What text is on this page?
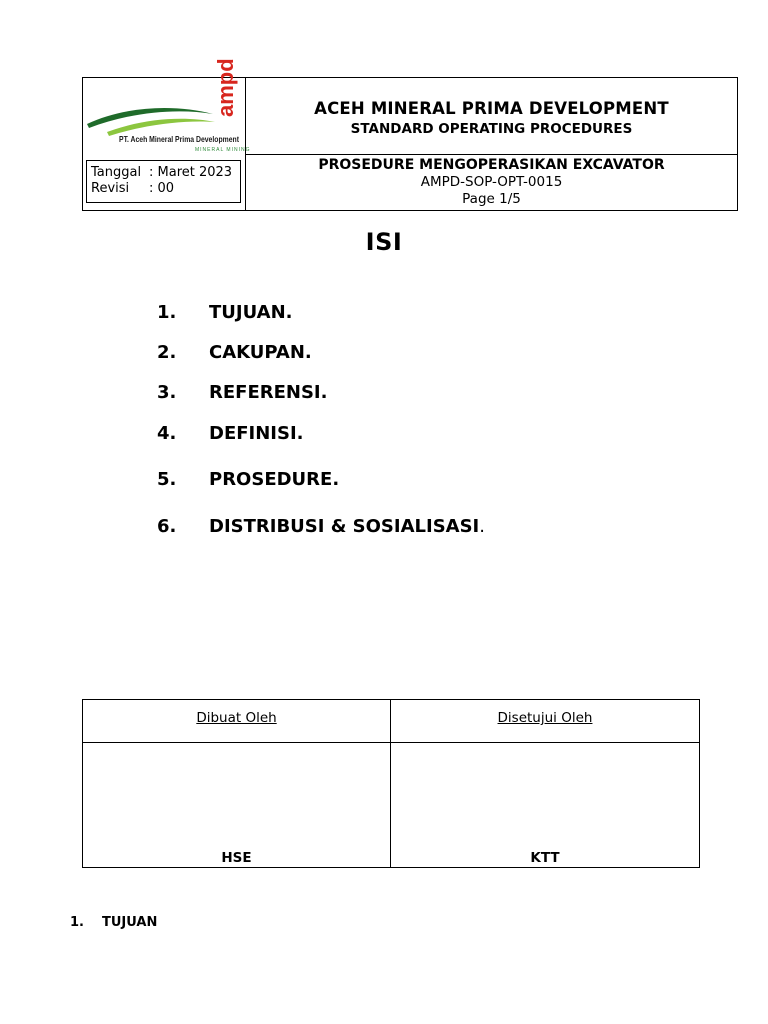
ampd
PT. Aceh Mineral Prima Development
MINERAL MINING
Tanggal : Maret 2023
Revisi : 00
ACEH MINERAL PRIMA DEVELOPMENT
STANDARD OPERATING PROCEDURES
PROSEDURE MENGOPERASIKAN EXCAVATOR
AMPD-SOP-OPT-0015
Page 1/5
ISI
1. TUJUAN.
2. CAKUPAN.
3. REFERENSI.
4. DEFINISI.
5. PROSEDURE.
6. DISTRIBUSI & SOSIALISASI.
Dibuat Oleh
HSE
Disetujui Oleh
KTT
1. TUJUAN
